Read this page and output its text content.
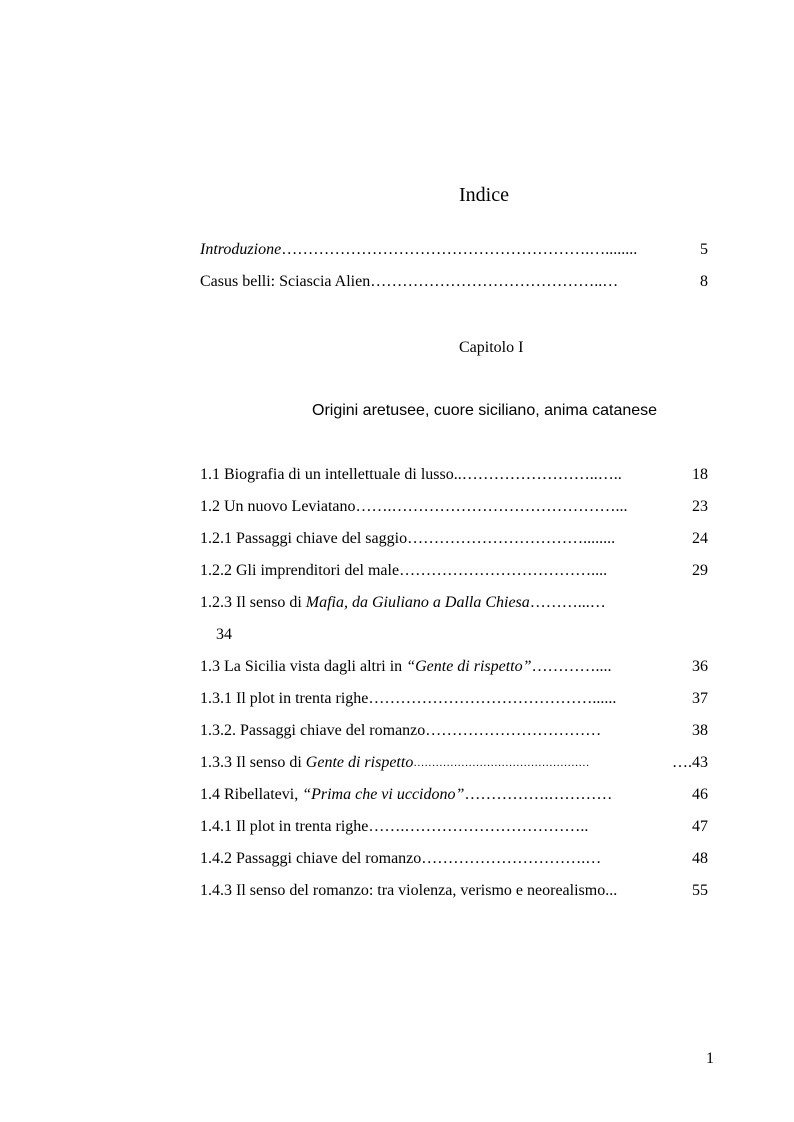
Indice
Introduzione ………………………………………………….…........	5
Casus belli: Sciascia Alien ……………………………………..…	8
Capitolo I
Origini aretusee, cuore siciliano, anima catanese
1.1 Biografia di un intellettuale di lusso ..……………………..…..	18
1.2 Un nuovo Leviatano …….……………………………………...	23
1.2.1 Passaggi chiave del saggio ……………………………........	24
1.2.2 Gli imprenditori del male ………………………………....	29
1.2.3 Il senso di Mafia, da Giuliano a Dalla Chiesa………...…
34
1.3 La Sicilia vista dagli altri in “Gente di rispetto” …………....	36
1.3.1 Il plot in trenta righe ……………………………………......	37
1.3.2. Passaggi chiave del romanzo ……………………………	38
1.3.3 Il senso di Gente di rispetto …………………………………………	….43
1.4 Ribellatevi, “Prima che vi uccidono” …………….…………	46
1.4.1 Il plot in trenta righe …….……………………………..	47
1.4.2 Passaggi chiave del romanzo ………………………….…	48
1.4.3 Il senso del romanzo: tra violenza, verismo e neorealismo ...	55
1
